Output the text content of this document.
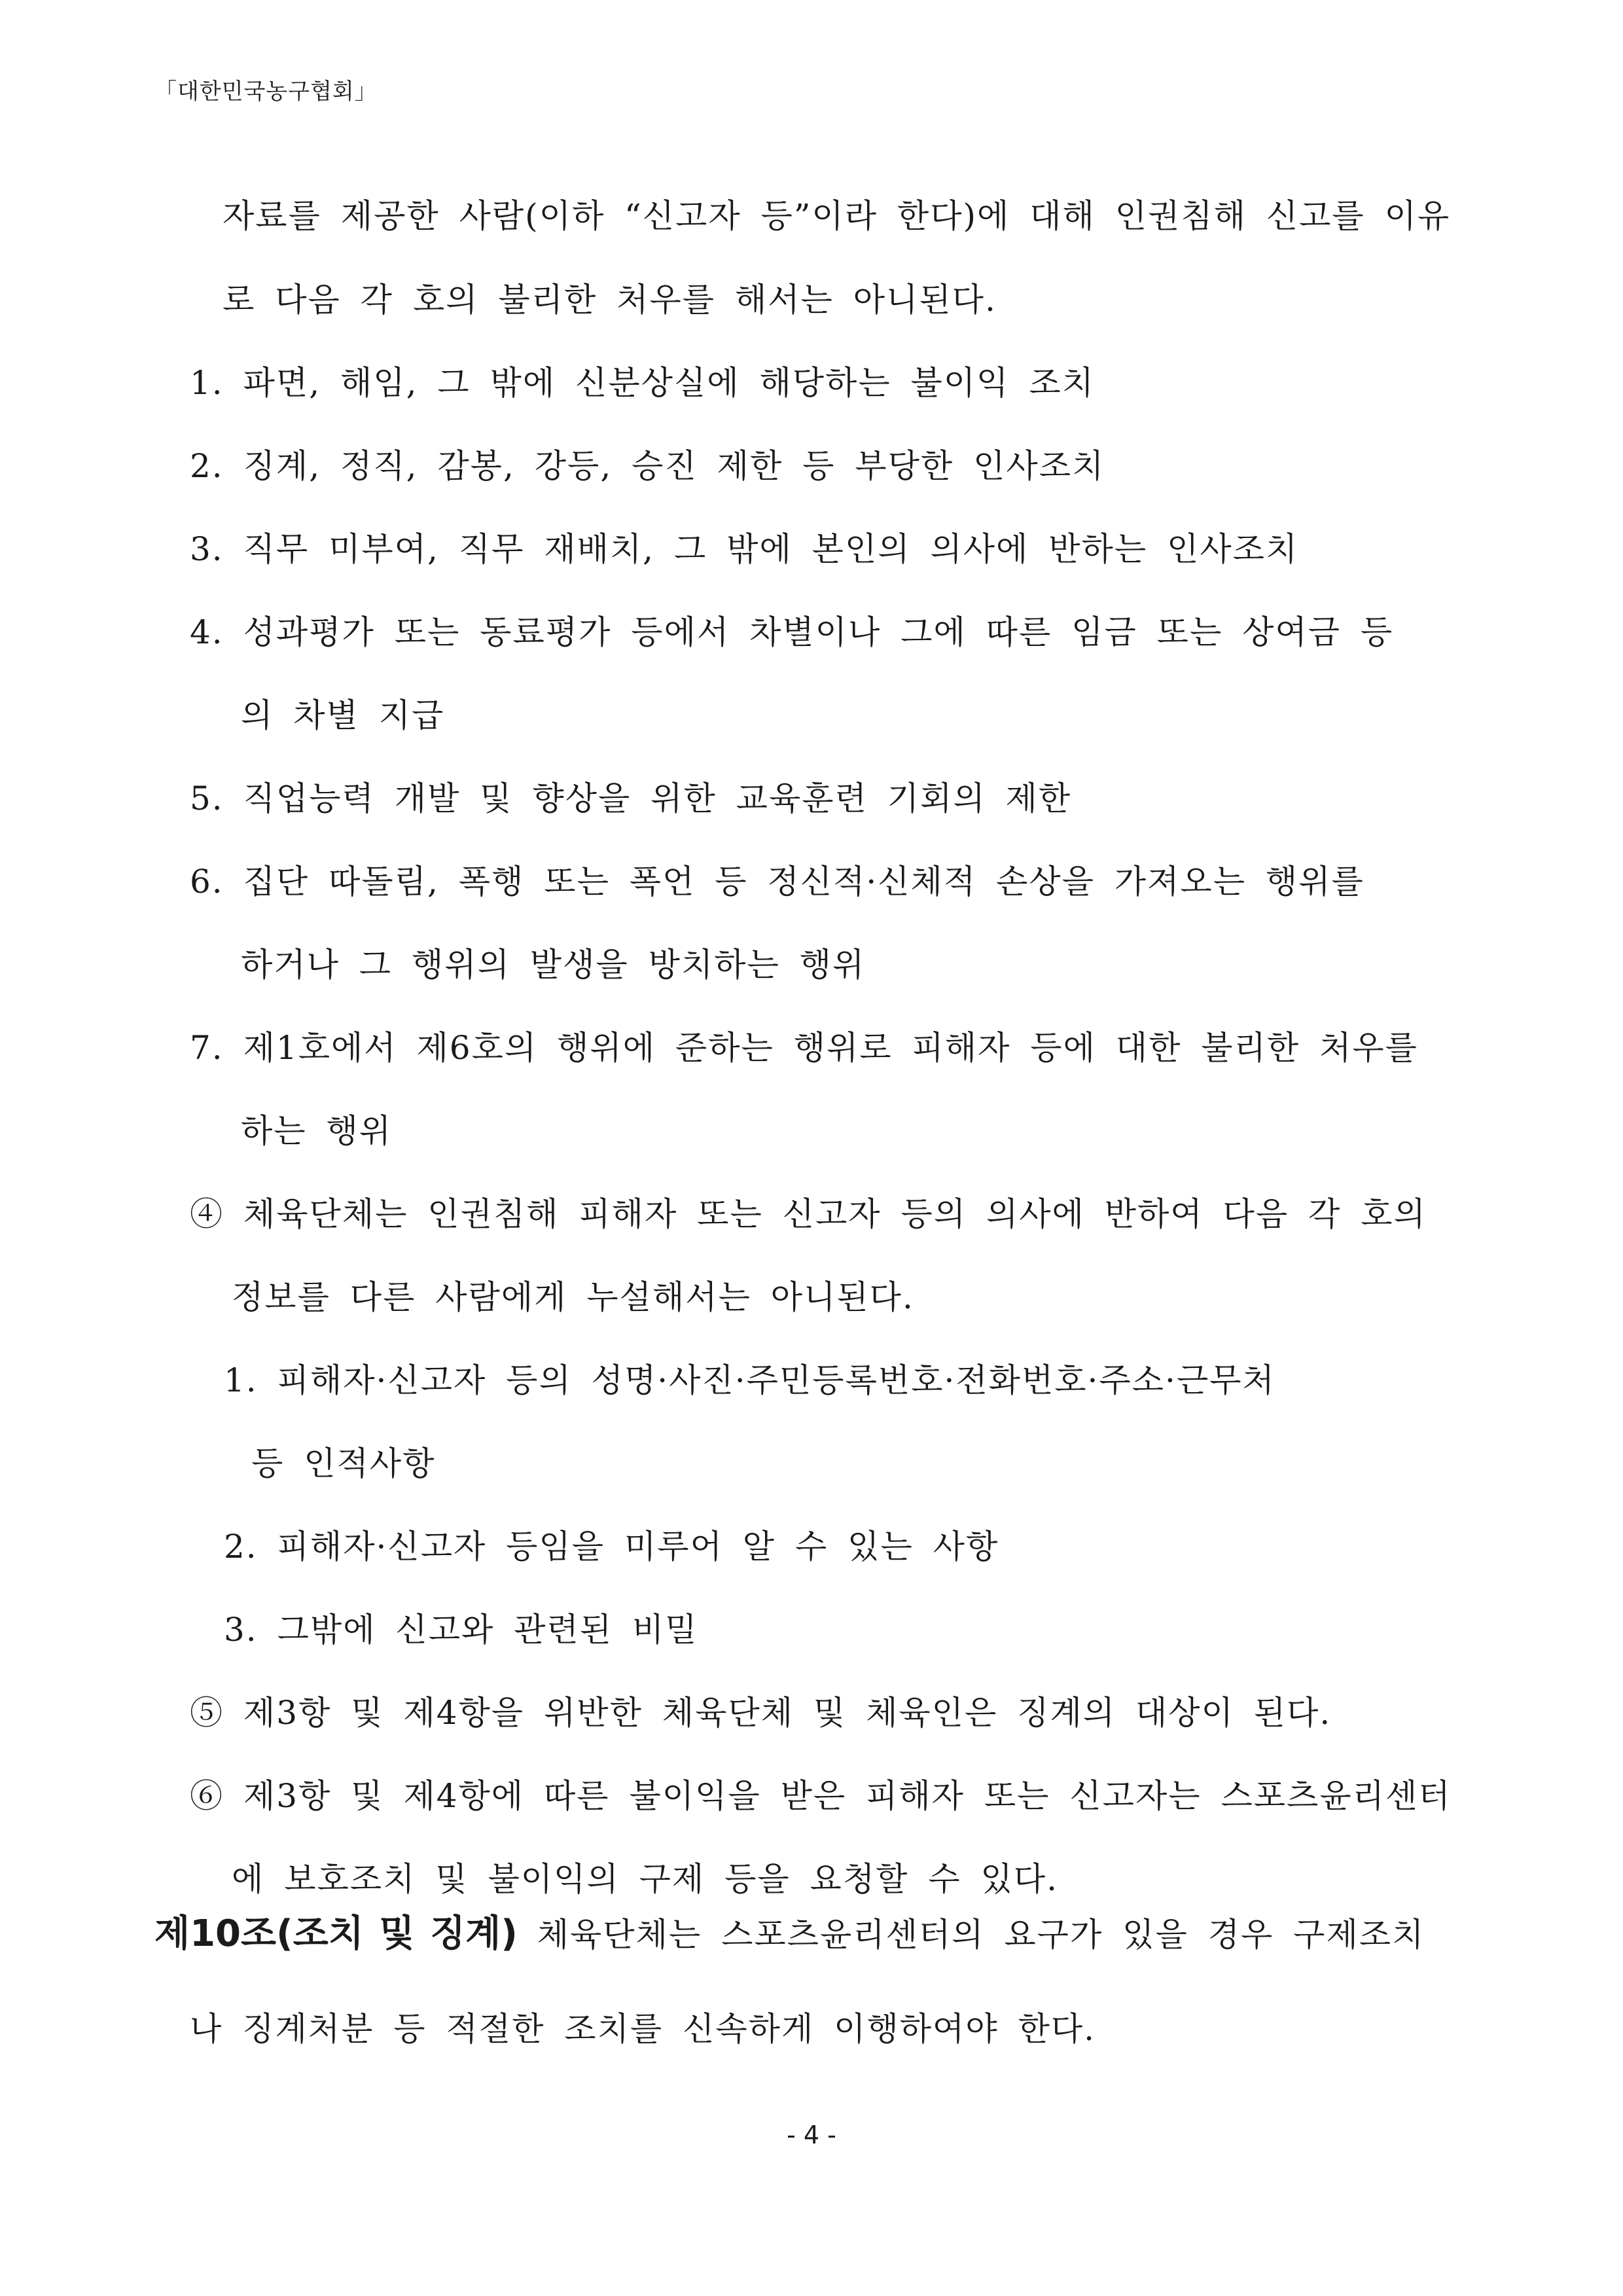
「대한민국농구협회」
자료를 제공한 사람(이하 “신고자 등”이라 한다)에 대해 인권침해 신고를 이유
로 다음 각 호의 불리한 처우를 해서는 아니된다.
1. 파면, 해임, 그 밖에 신분상실에 해당하는 불이익 조치
2. 징계, 정직, 감봉, 강등, 승진 제한 등 부당한 인사조치
3. 직무 미부여, 직무 재배치, 그 밖에 본인의 의사에 반하는 인사조치
4. 성과평가 또는 동료평가 등에서 차별이나 그에 따른 임금 또는 상여금 등
의 차별 지급
5. 직업능력 개발 및 향상을 위한 교육훈련 기회의 제한
6. 집단 따돌림, 폭행 또는 폭언 등 정신적·신체적 손상을 가져오는 행위를
하거나 그 행위의 발생을 방치하는 행위
7. 제1호에서 제6호의 행위에 준하는 행위로 피해자 등에 대한 불리한 처우를
하는 행위
④ 체육단체는 인권침해 피해자 또는 신고자 등의 의사에 반하여 다음 각 호의
정보를 다른 사람에게 누설해서는 아니된다.
1. 피해자·신고자 등의 성명·사진·주민등록번호·전화번호·주소·근무처
등 인적사항
2. 피해자·신고자 등임을 미루어 알 수 있는 사항
3. 그밖에 신고와 관련된 비밀
⑤ 제3항 및 제4항을 위반한 체육단체 및 체육인은 징계의 대상이 된다.
⑥ 제3항 및 제4항에 따른 불이익을 받은 피해자 또는 신고자는 스포츠윤리센터
에 보호조치 및 불이익의 구제 등을 요청할 수 있다.
제10조(조치 및 징계) 체육단체는 스포츠윤리센터의 요구가 있을 경우 구제조치
나 징계처분 등 적절한 조치를 신속하게 이행하여야 한다.
- 4 -
